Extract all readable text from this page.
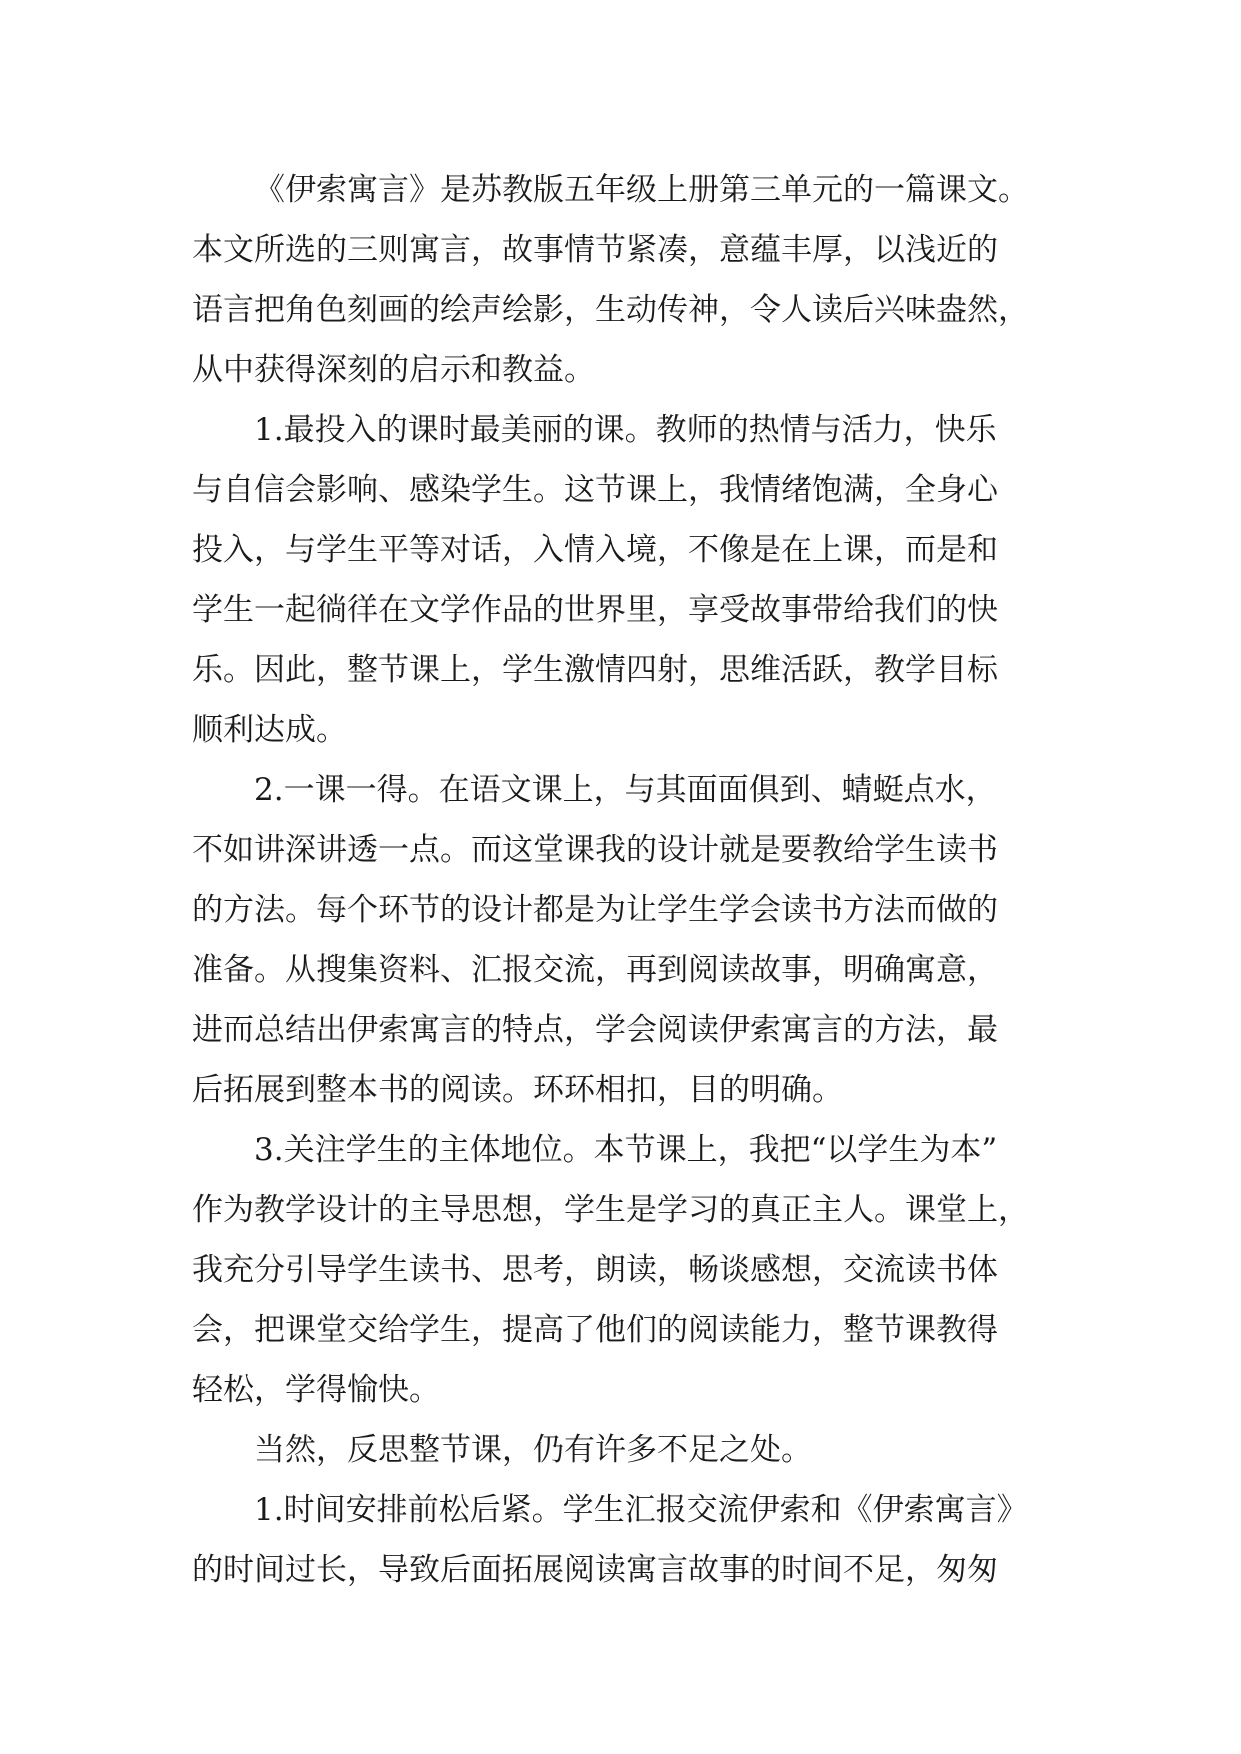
《伊索寓言》是苏教版五年级上册第三单元的一篇课文。
本文所选的三则寓言，故事情节紧凑，意蕴丰厚，以浅近的
语言把角色刻画的绘声绘影，生动传神，令人读后兴味盎然，
从中获得深刻的启示和教益。
1.最投入的课时最美丽的课。教师的热情与活力，快乐
与自信会影响、感染学生。这节课上，我情绪饱满，全身心
投入，与学生平等对话，入情入境，不像是在上课，而是和
学生一起徜徉在文学作品的世界里，享受故事带给我们的快
乐。因此，整节课上，学生激情四射，思维活跃，教学目标
顺利达成。
2.一课一得。在语文课上，与其面面俱到、蜻蜓点水，
不如讲深讲透一点。而这堂课我的设计就是要教给学生读书
的方法。每个环节的设计都是为让学生学会读书方法而做的
准备。从搜集资料、汇报交流，再到阅读故事，明确寓意，
进而总结出伊索寓言的特点，学会阅读伊索寓言的方法，最
后拓展到整本书的阅读。环环相扣，目的明确。
3.关注学生的主体地位。本节课上，我把“以学生为本”
作为教学设计的主导思想，学生是学习的真正主人。课堂上，
我充分引导学生读书、思考，朗读，畅谈感想，交流读书体
会，把课堂交给学生，提高了他们的阅读能力，整节课教得
轻松，学得愉快。
当然，反思整节课，仍有许多不足之处。
1.时间安排前松后紧。学生汇报交流伊索和《伊索寓言》
的时间过长，导致后面拓展阅读寓言故事的时间不足，匆匆
